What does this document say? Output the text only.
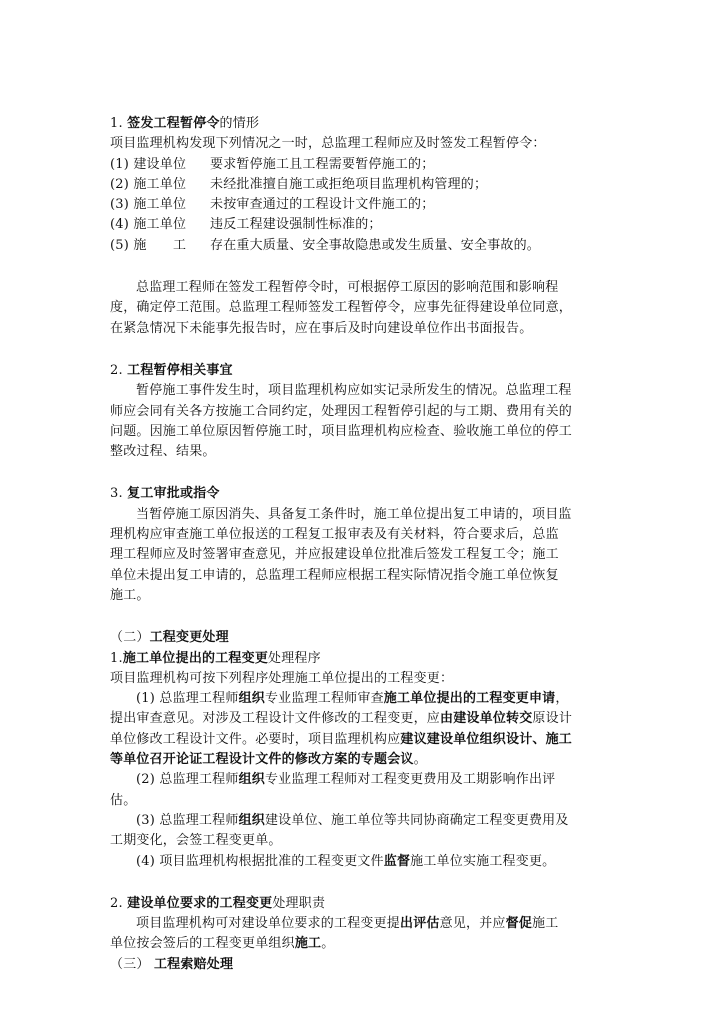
1. 签发工程暂停令的情形
项目监理机构发现下列情况之一时，总监理工程师应及时签发工程暂停令：
(1) 建设单位 要求暂停施工且工程需要暂停施工的；
(2) 施工单位 未经批准擅自施工或拒绝项目监理机构管理的；
(3) 施工单位 未按审查通过的工程设计文件施工的；
(4) 施工单位 违反工程建设强制性标准的；
(5) 施　　工 存在重大质量、安全事故隐患或发生质量、安全事故的。
总监理工程师在签发工程暂停令时，可根据停工原因的影响范围和影响程
度，确定停工范围。总监理工程师签发工程暂停令，应事先征得建设单位同意，
在紧急情况下未能事先报告时，应在事后及时向建设单位作出书面报告。
2. 工程暂停相关事宜
暂停施工事件发生时，项目监理机构应如实记录所发生的情况。总监理工程
师应会同有关各方按施工合同约定，处理因工程暂停引起的与工期、费用有关的
问题。因施工单位原因暂停施工时，项目监理机构应检查、验收施工单位的停工
整改过程、结果。
3. 复工审批或指令
当暂停施工原因消失、具备复工条件时，施工单位提出复工申请的，项目监
理机构应审查施工单位报送的工程复工报审表及有关材料，符合要求后，总监
理工程师应及时签署审查意见，并应报建设单位批准后签发工程复工令；施工
单位未提出复工申请的，总监理工程师应根据工程实际情况指令施工单位恢复
施工。
（二）工程变更处理
1.施工单位提出的工程变更处理程序
项目监理机构可按下列程序处理施工单位提出的工程变更：
(1) 总监理工程师组织专业监理工程师审查施工单位提出的工程变更申请，
提出审查意见。对涉及工程设计文件修改的工程变更，应由建设单位转交原设计
单位修改工程设计文件。必要时，项目监理机构应建议建设单位组织设计、施工
等单位召开论证工程设计文件的修改方案的专题会议。
(2) 总监理工程师组织专业监理工程师对工程变更费用及工期影响作出评
估。
(3) 总监理工程师组织建设单位、施工单位等共同协商确定工程变更费用及
工期变化，会签工程变更单。
(4) 项目监理机构根据批准的工程变更文件监督施工单位实施工程变更。
2. 建设单位要求的工程变更处理职责
项目监理机构可对建设单位要求的工程变更提出评估意见，并应督促施工
单位按会签后的工程变更单组织施工。
（三） 工程索赔处理
